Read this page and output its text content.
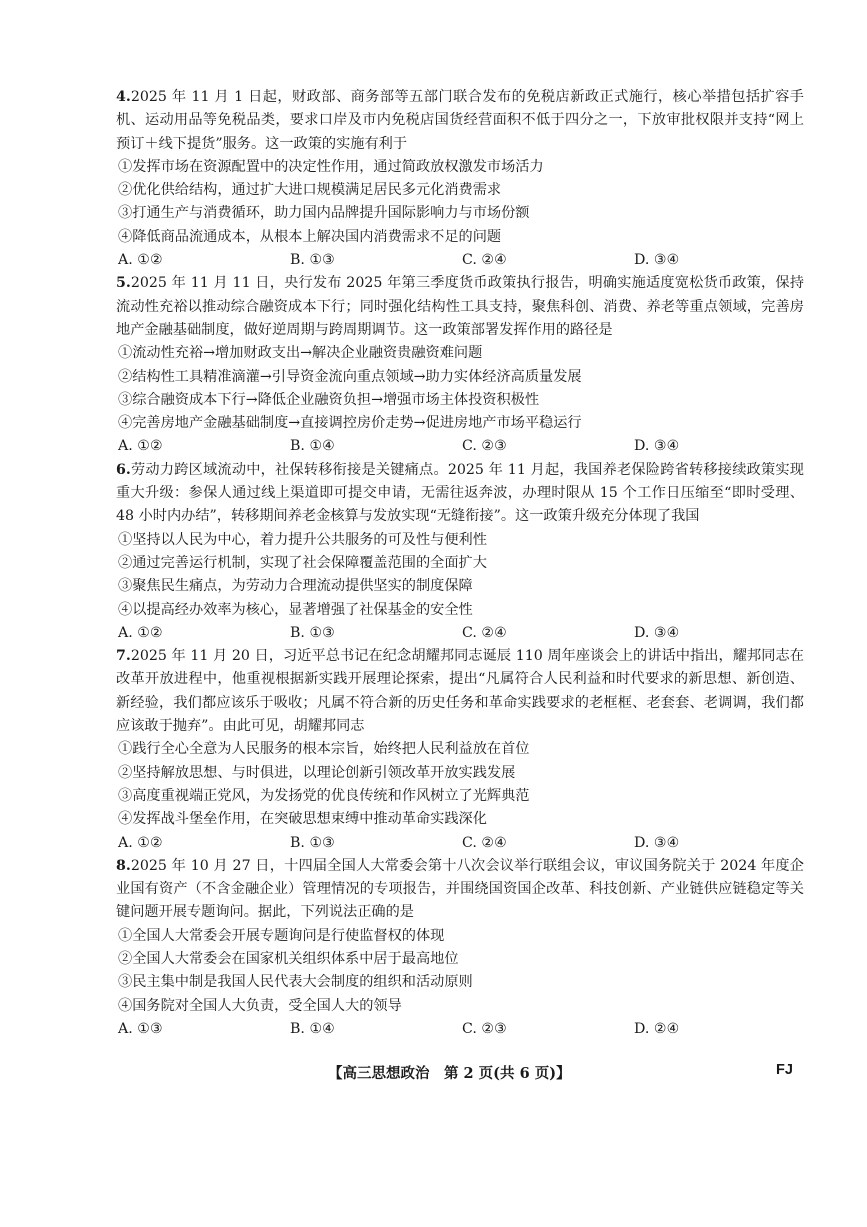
4.2025 年 11 月 1 日起，财政部、商务部等五部门联合发布的免税店新政正式施行，核心举措包括扩容手机、运动用品等免税品类，要求口岸及市内免税店国货经营面积不低于四分之一，下放审批权限并支持“网上预订＋线下提货”服务。这一政策的实施有利于

①发挥市场在资源配置中的决定性作用，通过简政放权激发市场活力

②优化供给结构，通过扩大进口规模满足居民多元化消费需求

③打通生产与消费循环，助力国内品牌提升国际影响力与市场份额

④降低商品流通成本，从根本上解决国内消费需求不足的问题

A. ①②	B. ①③	C. ②④	D. ③④

5.2025 年 11 月 11 日，央行发布 2025 年第三季度货币政策执行报告，明确实施适度宽松货币政策，保持流动性充裕以推动综合融资成本下行；同时强化结构性工具支持，聚焦科创、消费、养老等重点领域，完善房地产金融基础制度，做好逆周期与跨周期调节。这一政策部署发挥作用的路径是

①流动性充裕→增加财政支出→解决企业融资贵融资难问题

②结构性工具精准滴灌→引导资金流向重点领域→助力实体经济高质量发展

③综合融资成本下行→降低企业融资负担→增强市场主体投资积极性

④完善房地产金融基础制度→直接调控房价走势→促进房地产市场平稳运行

A. ①②	B. ①④	C. ②③	D. ③④

6.劳动力跨区域流动中，社保转移衔接是关键痛点。2025 年 11 月起，我国养老保险跨省转移接续政策实现重大升级：参保人通过线上渠道即可提交申请，无需往返奔波，办理时限从 15 个工作日压缩至“即时受理、48 小时内办结”，转移期间养老金核算与发放实现“无缝衔接”。这一政策升级充分体现了我国

①坚持以人民为中心，着力提升公共服务的可及性与便利性

②通过完善运行机制，实现了社会保障覆盖范围的全面扩大

③聚焦民生痛点，为劳动力合理流动提供坚实的制度保障

④以提高经办效率为核心，显著增强了社保基金的安全性

A. ①②	B. ①③	C. ②④	D. ③④

7.2025 年 11 月 20 日，习近平总书记在纪念胡耀邦同志诞辰 110 周年座谈会上的讲话中指出，耀邦同志在改革开放进程中，他重视根据新实践开展理论探索，提出“凡属符合人民利益和时代要求的新思想、新创造、新经验，我们都应该乐于吸收；凡属不符合新的历史任务和革命实践要求的老框框、老套套、老调调，我们都应该敢于抛弃”。由此可见，胡耀邦同志

①践行全心全意为人民服务的根本宗旨，始终把人民利益放在首位

②坚持解放思想、与时俱进，以理论创新引领改革开放实践发展

③高度重视端正党风，为发扬党的优良传统和作风树立了光辉典范

④发挥战斗堡垒作用，在突破思想束缚中推动革命实践深化

A. ①②	B. ①③	C. ②④	D. ③④

8.2025 年 10 月 27 日，十四届全国人大常委会第十八次会议举行联组会议，审议国务院关于 2024 年度企业国有资产（不含金融企业）管理情况的专项报告，并围绕国资国企改革、科技创新、产业链供应链稳定等关键问题开展专题询问。据此，下列说法正确的是

①全国人大常委会开展专题询问是行使监督权的体现

②全国人大常委会在国家机关组织体系中居于最高地位

③民主集中制是我国人民代表大会制度的组织和活动原则

④国务院对全国人大负责，受全国人大的领导

A. ①③	B. ①④	C. ②③	D. ②④
【高三思想政治　第 2 页(共 6 页)】	FJ
